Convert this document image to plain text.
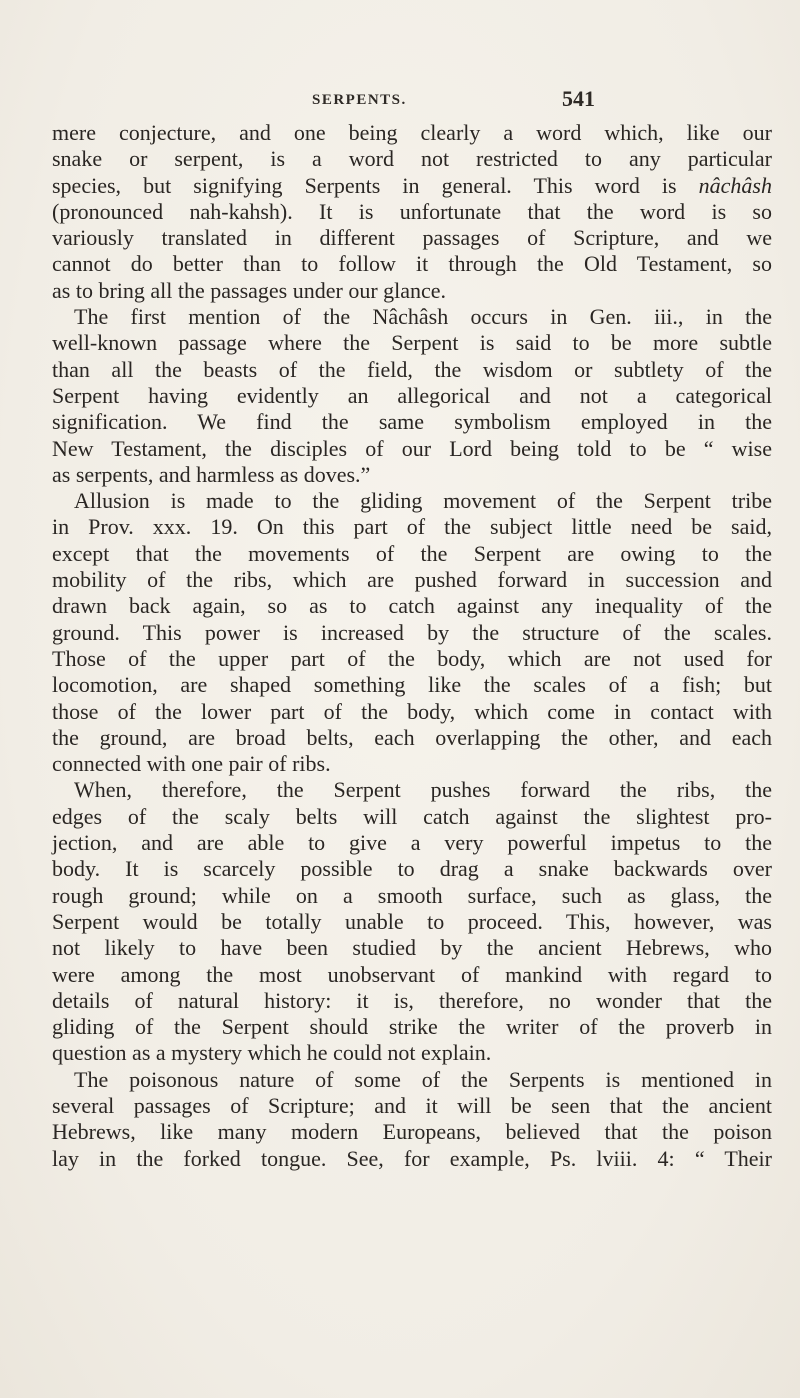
SERPENTS.	541
mere conjecture, and one being clearly a word which, like our
snake or serpent, is a word not restricted to any particular
species, but signifying Serpents in general. This word is nâchâsh
(pronounced nah-kahsh). It is unfortunate that the word is so
variously translated in different passages of Scripture, and we
cannot do better than to follow it through the Old Testament, so
as to bring all the passages under our glance.
The first mention of the Nâchâsh occurs in Gen. iii., in the
well-known passage where the Serpent is said to be more subtle
than all the beasts of the field, the wisdom or subtlety of the
Serpent having evidently an allegorical and not a categorical
signification. We find the same symbolism employed in the
New Testament, the disciples of our Lord being told to be “ wise
as serpents, and harmless as doves.”
Allusion is made to the gliding movement of the Serpent tribe
in Prov. xxx. 19. On this part of the subject little need be said,
except that the movements of the Serpent are owing to the
mobility of the ribs, which are pushed forward in succession and
drawn back again, so as to catch against any inequality of the
ground. This power is increased by the structure of the scales.
Those of the upper part of the body, which are not used for
locomotion, are shaped something like the scales of a fish; but
those of the lower part of the body, which come in contact with
the ground, are broad belts, each overlapping the other, and each
connected with one pair of ribs.
When, therefore, the Serpent pushes forward the ribs, the
edges of the scaly belts will catch against the slightest pro-
jection, and are able to give a very powerful impetus to the
body. It is scarcely possible to drag a snake backwards over
rough ground; while on a smooth surface, such as glass, the
Serpent would be totally unable to proceed. This, however, was
not likely to have been studied by the ancient Hebrews, who
were among the most unobservant of mankind with regard to
details of natural history: it is, therefore, no wonder that the
gliding of the Serpent should strike the writer of the proverb in
question as a mystery which he could not explain.
The poisonous nature of some of the Serpents is mentioned in
several passages of Scripture; and it will be seen that the ancient
Hebrews, like many modern Europeans, believed that the poison
lay in the forked tongue. See, for example, Ps. lviii. 4: “ Their
